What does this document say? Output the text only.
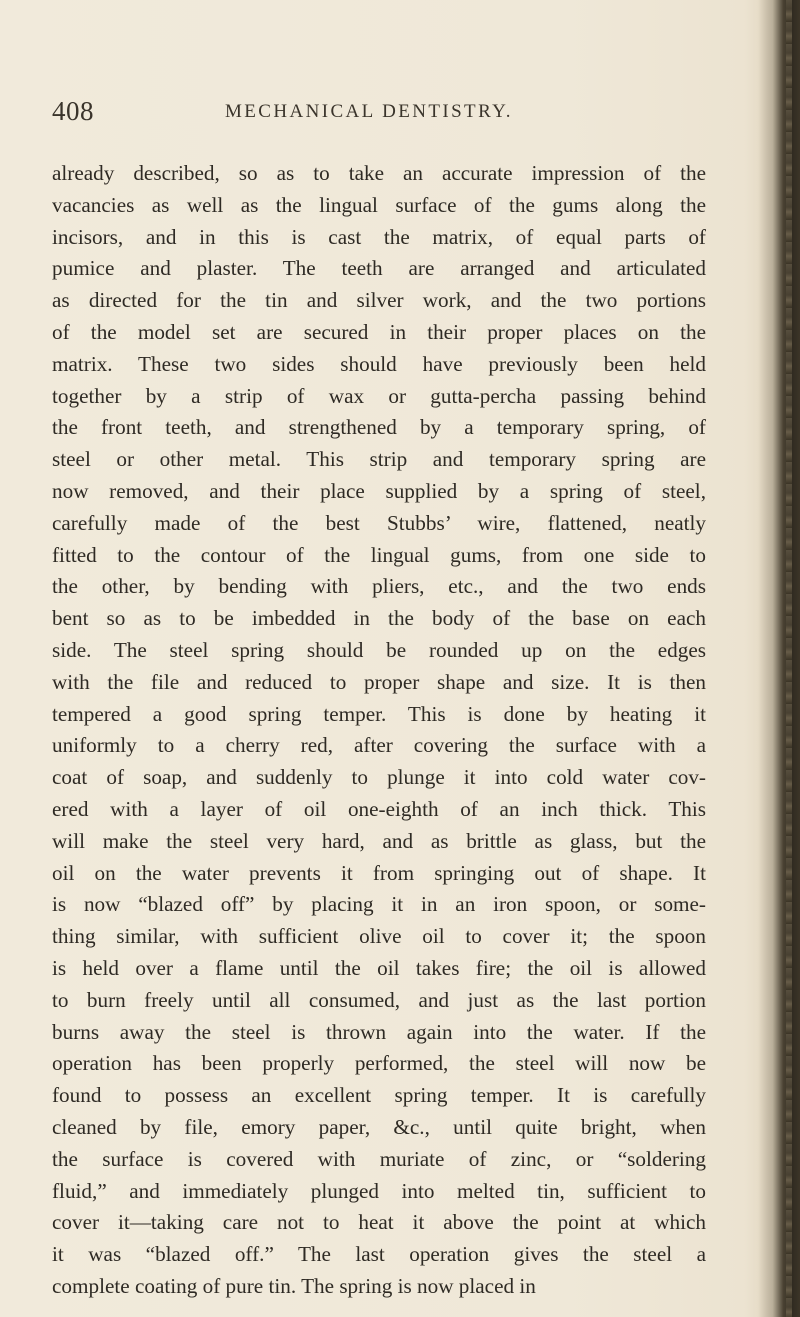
408	MECHANICAL DENTISTRY.
already described, so as to take an accurate impression of the
vacancies as well as the lingual surface of the gums along the
incisors, and in this is cast the matrix, of equal parts of
pumice and plaster. The teeth are arranged and articulated
as directed for the tin and silver work, and the two portions
of the model set are secured in their proper places on the
matrix. These two sides should have previously been held
together by a strip of wax or gutta-percha passing behind
the front teeth, and strengthened by a temporary spring, of
steel or other metal. This strip and temporary spring are
now removed, and their place supplied by a spring of steel,
carefully made of the best Stubbs’ wire, flattened, neatly
fitted to the contour of the lingual gums, from one side to
the other, by bending with pliers, etc., and the two ends
bent so as to be imbedded in the body of the base on each
side. The steel spring should be rounded up on the edges
with the file and reduced to proper shape and size. It is then
tempered a good spring temper. This is done by heating it
uniformly to a cherry red, after covering the surface with a
coat of soap, and suddenly to plunge it into cold water cov-
ered with a layer of oil one-eighth of an inch thick. This
will make the steel very hard, and as brittle as glass, but the
oil on the water prevents it from springing out of shape. It
is now “blazed off” by placing it in an iron spoon, or some-
thing similar, with sufficient olive oil to cover it; the spoon
is held over a flame until the oil takes fire; the oil is allowed
to burn freely until all consumed, and just as the last portion
burns away the steel is thrown again into the water. If the
operation has been properly performed, the steel will now be
found to possess an excellent spring temper. It is carefully
cleaned by file, emory paper, &c., until quite bright, when
the surface is covered with muriate of zinc, or “soldering
fluid,” and immediately plunged into melted tin, sufficient to
cover it—taking care not to heat it above the point at which
it was “blazed off.” The last operation gives the steel a
complete coating of pure tin. The spring is now placed in
